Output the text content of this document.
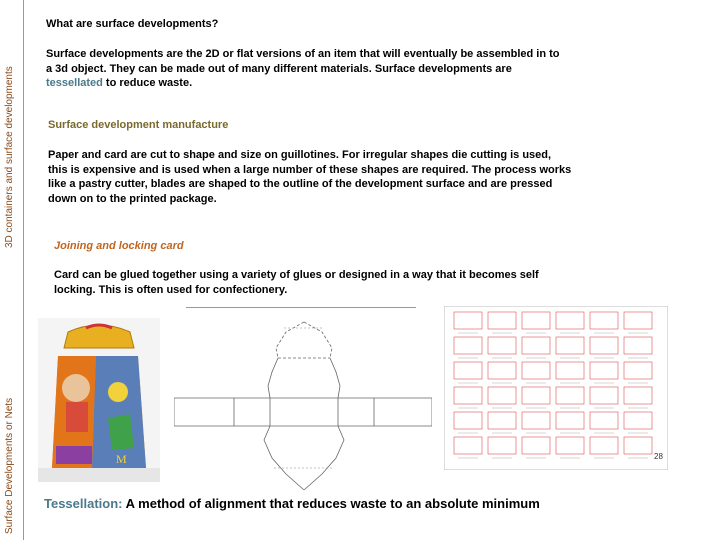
3D containers and surface developments
Surface Developments or Nets
What are surface developments?
Surface developments are the 2D or flat versions of an item that will eventually be assembled in to a 3d object. They can be made out of many different materials. Surface developments are tessellated to reduce waste.
Surface development manufacture
Paper and card are cut to shape and size on guillotines. For irregular shapes die cutting is used, this is expensive and is used when a large number of these shapes are required. The process works like a pastry cutter, blades are shaped to the outline of the development surface and are pressed down on to the printed package.
Joining and locking card
Card can be glued together using a variety of glues or designed in a way that it becomes self locking. This is often used for confectionery.
M	28
Tessellation: A method of alignment that reduces waste to an absolute minimum
